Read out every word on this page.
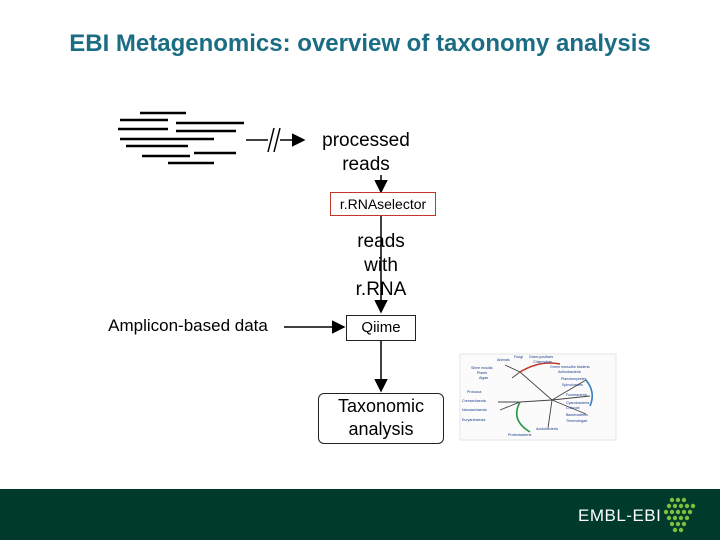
EBI Metagenomics: overview of taxonomy analysis
Animals
Fungi
Slime moulds
Plants
Algae
Protozoa
Crenarchaeota
Nanoarchaeota
Euryarchaeota
Gram-positives
Chlamydiae
Green nonsulfur bacteria
Actinobacteria
Planctomycetes
Spirochaetes
Fusobacteria
Cyanobacteria
Chlorobi
Bacteroidetes
Thermotogae
Acidobacteria
Proteobacteria
processed
reads
r.RNAselector
reads
with
r.RNA
Amplicon-based data	Qiime
Taxonomic
analysis
EMBL-EBI
